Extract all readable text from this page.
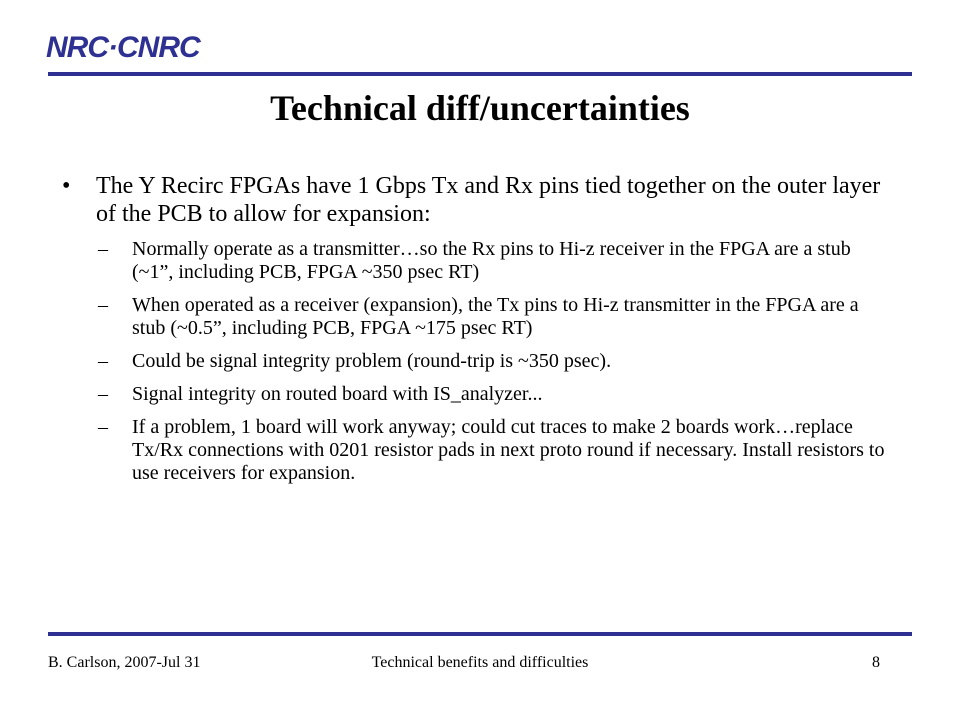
NRC·CNRC
Technical diff/uncertainties
• The Y Recirc FPGAs have 1 Gbps Tx and Rx pins tied together on the outer layer of the PCB to allow for expansion:
– Normally operate as a transmitter…so the Rx pins to Hi-z receiver in the FPGA are a stub (~1”, including PCB, FPGA ~350 psec RT)
– When operated as a receiver (expansion), the Tx pins to Hi-z transmitter in the FPGA are a stub (~0.5”, including PCB, FPGA ~175 psec RT)
– Could be signal integrity problem (round-trip is ~350 psec).
– Signal integrity on routed board with IS_analyzer...
– If a problem, 1 board will work anyway; could cut traces to make 2 boards work…replace Tx/Rx connections with 0201 resistor pads in next proto round if necessary. Install resistors to use receivers for expansion.
B. Carlson, 2007-Jul 31	Technical benefits and difficulties	8
